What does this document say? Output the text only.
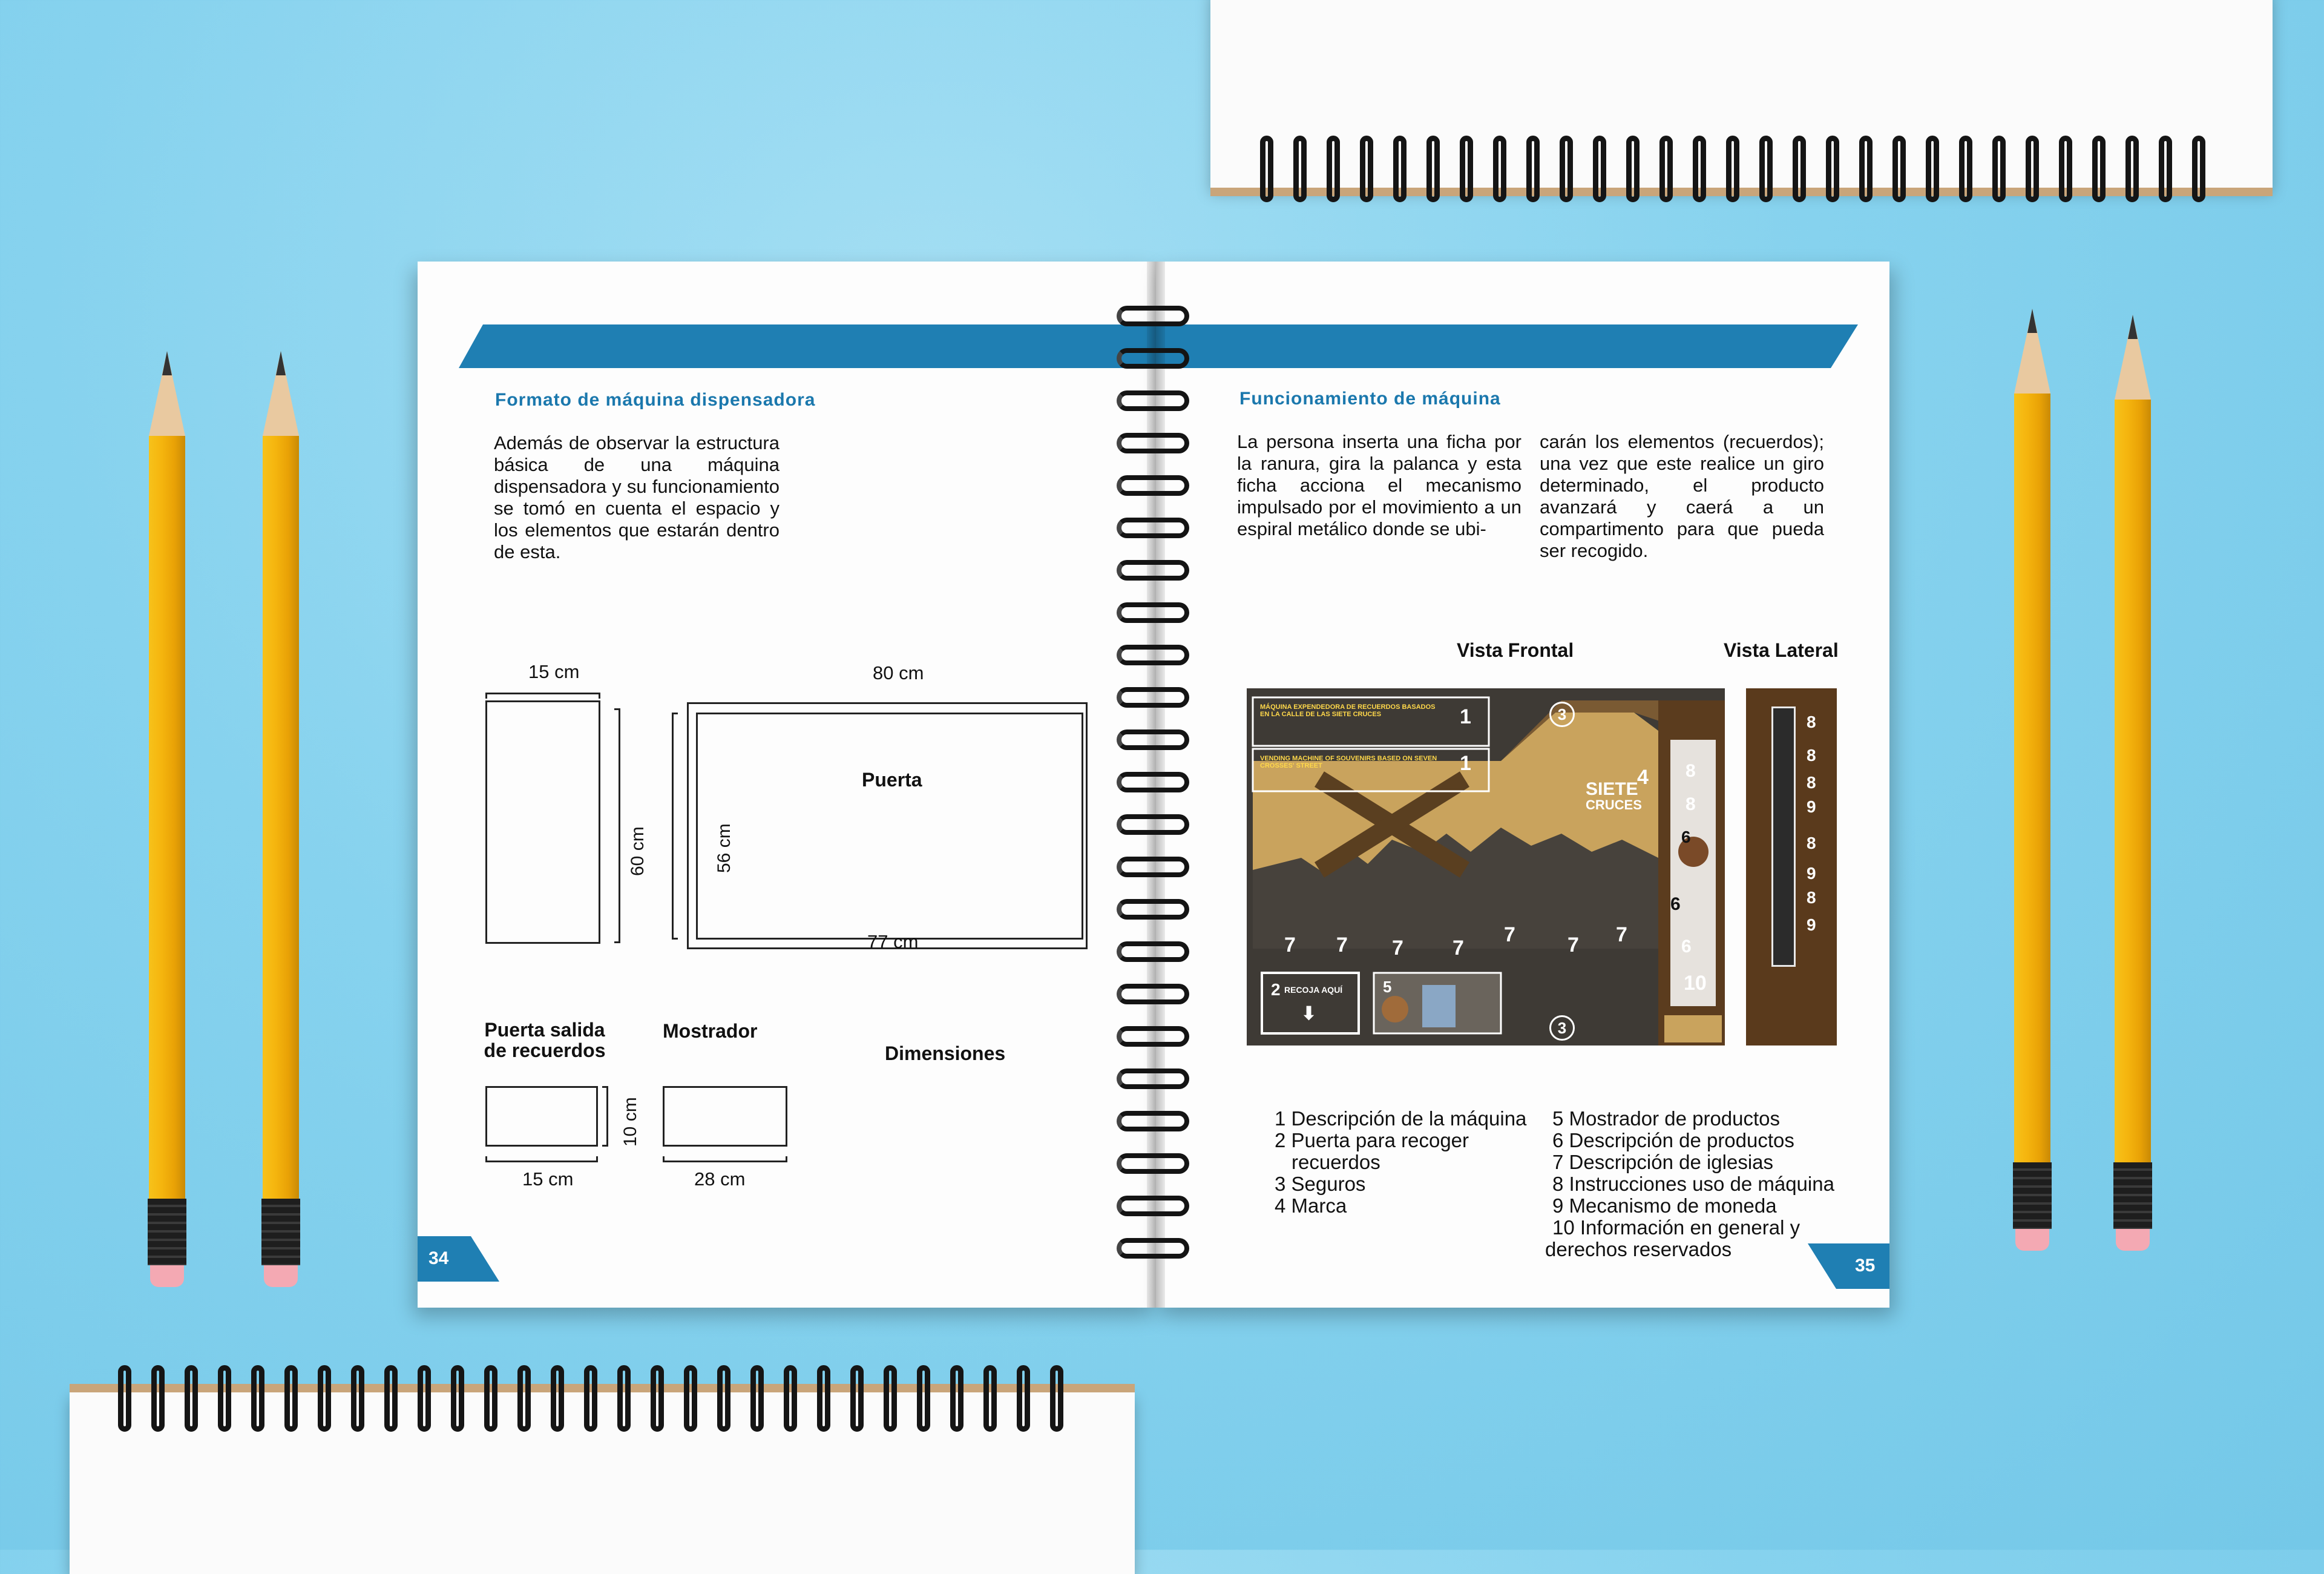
Formato de máquina dispensadora
Además de observar la estructura básica de una máquina dispensadora y su funcionamiento se tomó en cuenta el espacio y los elementos que estarán dentro de esta.
15 cm
60 cm
80 cm
56 cm
Puerta
77 cm
Puerta salida de recuerdos
Mostrador
Dimensiones
10 cm
15 cm	28 cm
34
Funcionamiento de máquina
La persona inserta una ficha por la ranura, gira la palanca y esta ficha acciona el mecanismo impulsado por el movimiento a un espiral metálico donde se ubi-
carán los elementos (recuerdos); una vez que este realice un giro determinado, el producto avanzará y caerá a un compartimento para que pueda ser recogido.
Vista Frontal	Vista Lateral
MÁQUINA EXPENDEDORA DE RECUERDOS BASADOS EN LA CALLE DE LAS SIETE CRUCES
VENDING MACHINE OF SOUVENIRS BASED ON SEVEN CROSSES' STREET
1
1
3
3
SIETE
CRUCES
4 8
8
6
6
6
10
7 7 7 7
7	7 7
2 RECOJA AQUÍ
⬇
5
8
8
8
9
8
9
8
9
1 Descripción de la máquina
2 Puerta para recoger
recuerdos
3 Seguros
4 Marca
5 Mostrador de productos
6 Descripción de productos
7 Descripción de iglesias
8 Instrucciones uso de máquina
9 Mecanismo de moneda
10 Información en general y
derechos reservados
35
